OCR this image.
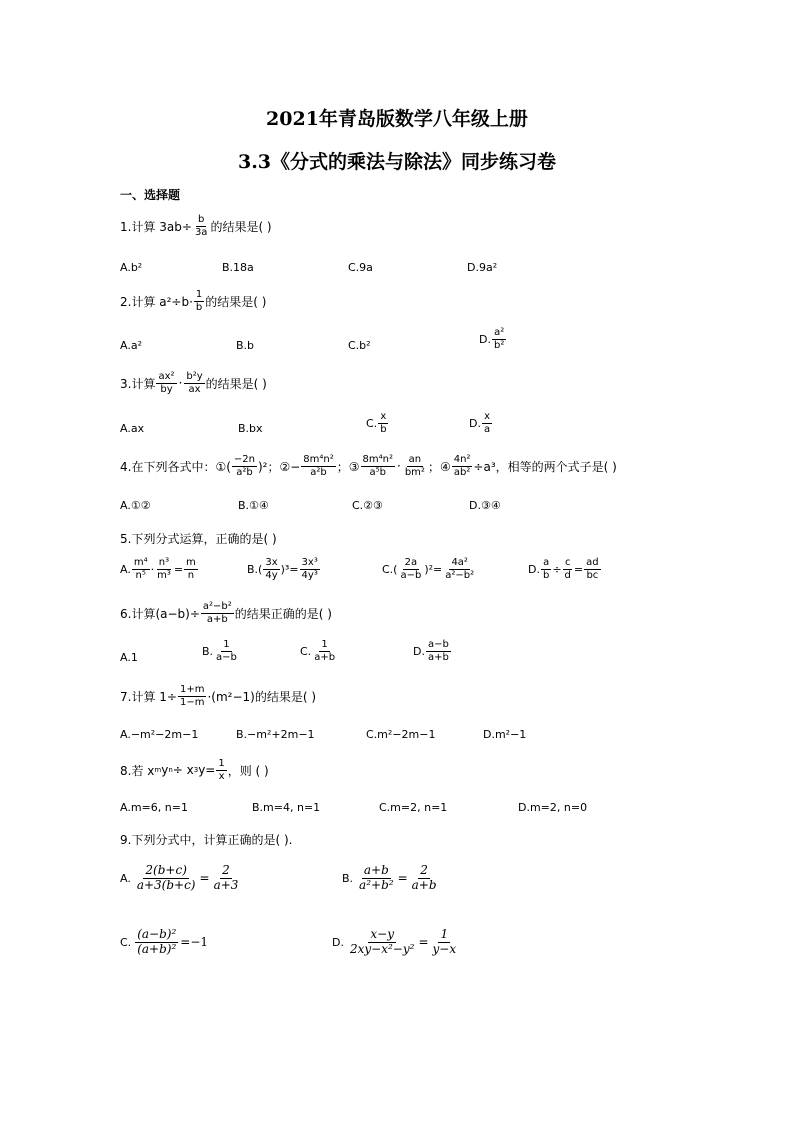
2021年青岛版数学八年级上册
3.3《分式的乘法与除法》同步练习卷
一、选择题
1.计算 $3ab\div \frac{b}{3a}$ 的结果是( )
A.b²	B.18a	C.9a	D.9a²
2.计算 $a^2\div b\cdot \frac{1}{b}$ 的结果是( )
A.a²	B.b	C.b²	D. $\frac{\text{a²}}{\text{b²}}$
3.计算 $\frac{\text{ax²}}{by} \cdot \frac{\text{b²y}}{ax}$ 的结果是( )
A.ax	B.bx	C. $\frac{x}{b}$	D. $\frac{x}{a}$
4.在下列各式中：①( $\frac{-2n}{\text{a²b}} )^2$；②− $\frac{\text{8m⁴n²}}{\text{a²b}}$ ；③ $\frac{\text{8m⁴n²}}{\text{a⁵b}} \cdot \frac{an}{\text{bm²}}$ ；④ $\frac{\text{4n²}}{\text{ab²}} \div a^3$，相等的两个式子是( )
A.①②	B.①④	C.②③	D.③④
5.下列分式运算，正确的是( )
A. $\frac{\text{m⁴}}{\text{n⁵}} \cdot \frac{\text{n³}}{\text{m³}} = \frac{m}{n}$	$B.( \frac{3x}{4y} )^3= \frac{\text{3x³}}{\text{4y³}}$	$C.( \frac{2a}{a-b} )^2= \frac{\text{4a²}}{\text{a²−b²}}$	D. $\frac{a}{b} \div \frac{c}{d} = \frac{ad}{bc}$
6.计算$(a-b)\div \frac{\text{a²−b²}}{a+b}$ 的结果正确的是( )
A.1	B. $\frac{1}{a-b}$	C. $\frac{1}{a+b}$	D. $\frac{a-b}{a+b}$
7.计算 $1\div \frac{1+m}{1-m} \cdot(m^2-1)$的结果是( )
A.−m²−2m−1	B.−m²+2m−1	C.m²−2m−1	D.m²−1
8.若 x m y n ÷ x 3 $y= \frac{1}{x}$ ，则 ( )
A.m=6, n=1	B.m=4, n=1	C.m=2, n=1	D.m=2, n=0
9.下列分式中，计算正确的是( ).
A. $\frac{2(b+c)}{a+3(b+c)} = \frac{2}{a+3}$	B. $\frac{a+b}{\text{a²+b²}} = \frac{2}{a+b}$
C. $\frac{\text{(a−b)²}}{\text{(a+b)²}} =-1$	D. $\frac{x-y}{\text{2xy−x²−y²}} = \frac{1}{y-x}$
